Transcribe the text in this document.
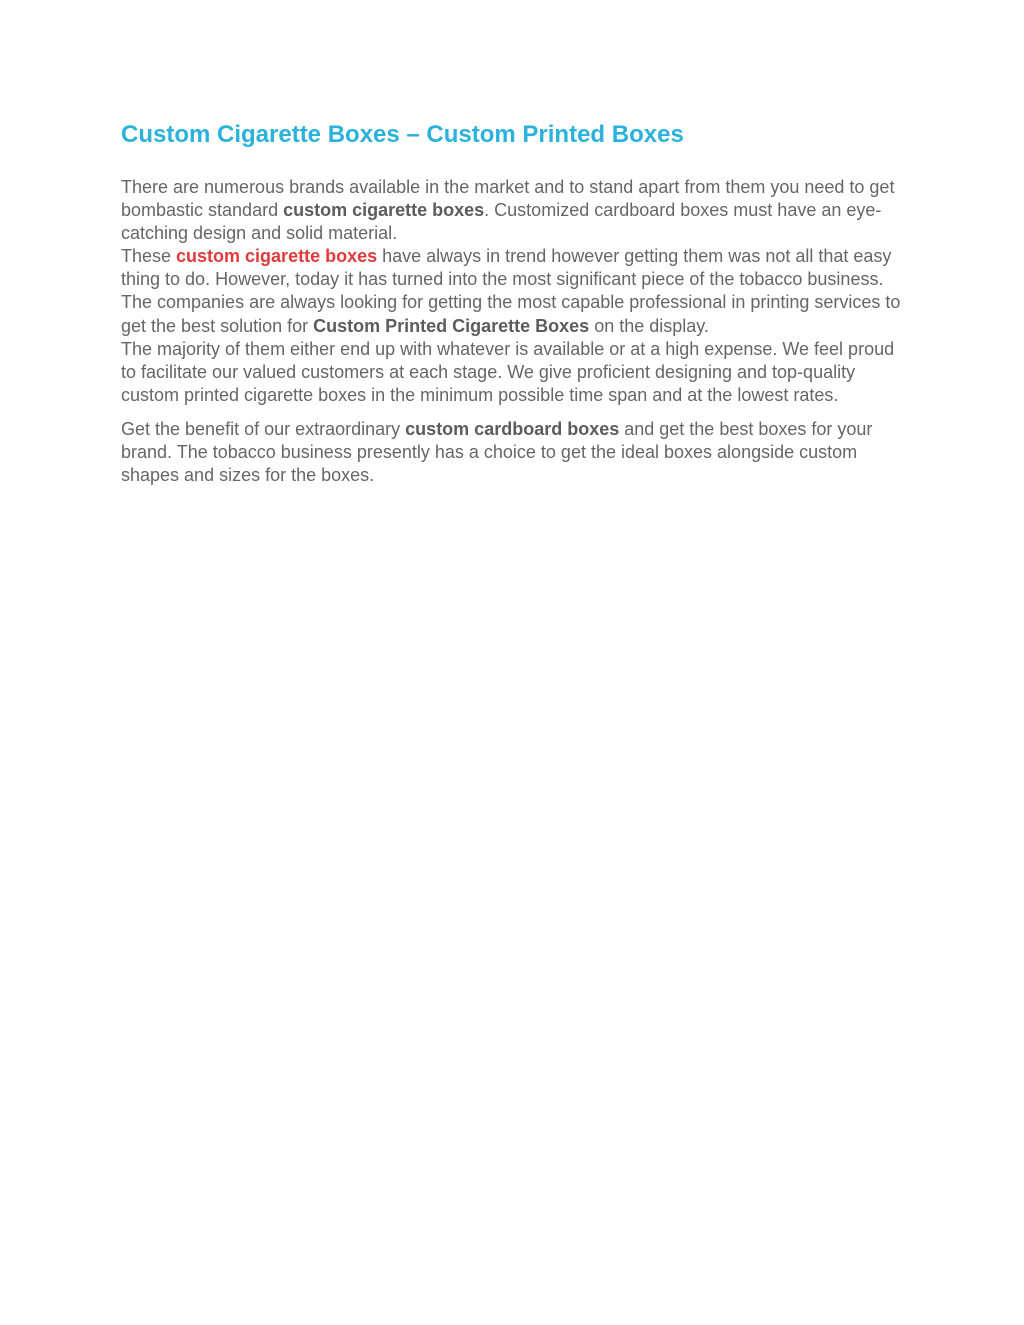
Custom Cigarette Boxes – Custom Printed Boxes

There are numerous brands available in the market and to stand apart from them you need to get bombastic standard custom cigarette boxes. Customized cardboard boxes must have an eye-catching design and solid material.

These custom cigarette boxes have always in trend however getting them was not all that easy thing to do. However, today it has turned into the most significant piece of the tobacco business. The companies are always looking for getting the most capable professional in printing services to get the best solution for Custom Printed Cigarette Boxes on the display.

The majority of them either end up with whatever is available or at a high expense. We feel proud to facilitate our valued customers at each stage. We give proficient designing and top-quality custom printed cigarette boxes in the minimum possible time span and at the lowest rates.

Get the benefit of our extraordinary custom cardboard boxes and get the best boxes for your brand. The tobacco business presently has a choice to get the ideal boxes alongside custom shapes and sizes for the boxes.
